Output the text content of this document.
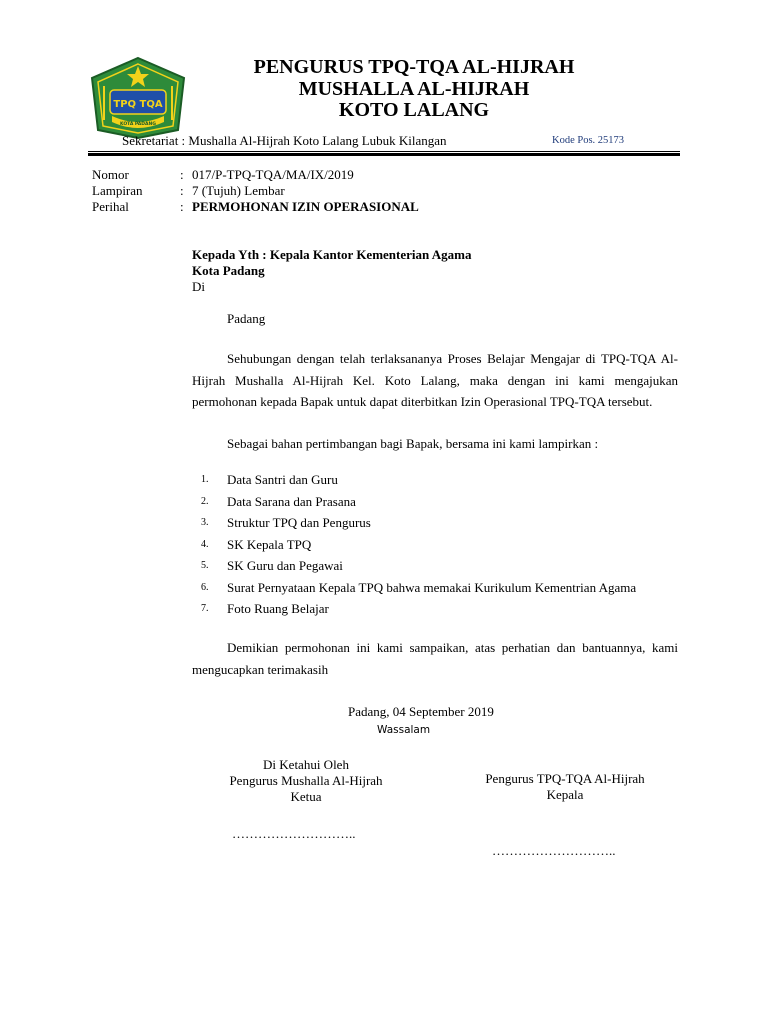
TPQ TQA
KOTA PADANG
PENGURUS TPQ-TQA AL-HIJRAH
MUSHALLA AL-HIJRAH
KOTO LALANG
Sekretariat : Mushalla Al-Hijrah Koto Lalang Lubuk Kilangan	Kode Pos. 25173
Nomor	: 017/P-TPQ-TQA/MA/IX/2019
Lampiran	: 7 (Tujuh) Lembar
Perihal	: PERMOHONAN IZIN OPERASIONAL
Kepada Yth : Kepala Kantor Kementerian Agama
Kota Padang
Di
Padang
Sehubungan dengan telah terlaksananya Proses Belajar Mengajar di TPQ-TQA Al-Hijrah Mushalla Al-Hijrah Kel. Koto Lalang, maka dengan ini kami mengajukan permohonan kepada Bapak untuk dapat diterbitkan Izin Operasional TPQ-TQA tersebut.
Sebagai bahan pertimbangan bagi Bapak, bersama ini kami lampirkan :
1. Data Santri dan Guru
2. Data Sarana dan Prasana
3. Struktur TPQ dan Pengurus
4. SK Kepala TPQ
5. SK Guru dan Pegawai
6. Surat Pernyataan Kepala TPQ bahwa memakai Kurikulum Kementrian Agama
7. Foto Ruang Belajar
Demikian permohonan ini kami sampaikan, atas perhatian dan bantuannya, kami mengucapkan terimakasih
Padang, 04 September 2019
Wassalam
Di Ketahui Oleh
Pengurus Mushalla Al-Hijrah
Ketua
………………………..
Pengurus TPQ-TQA Al-Hijrah
Kepala
………………………..
